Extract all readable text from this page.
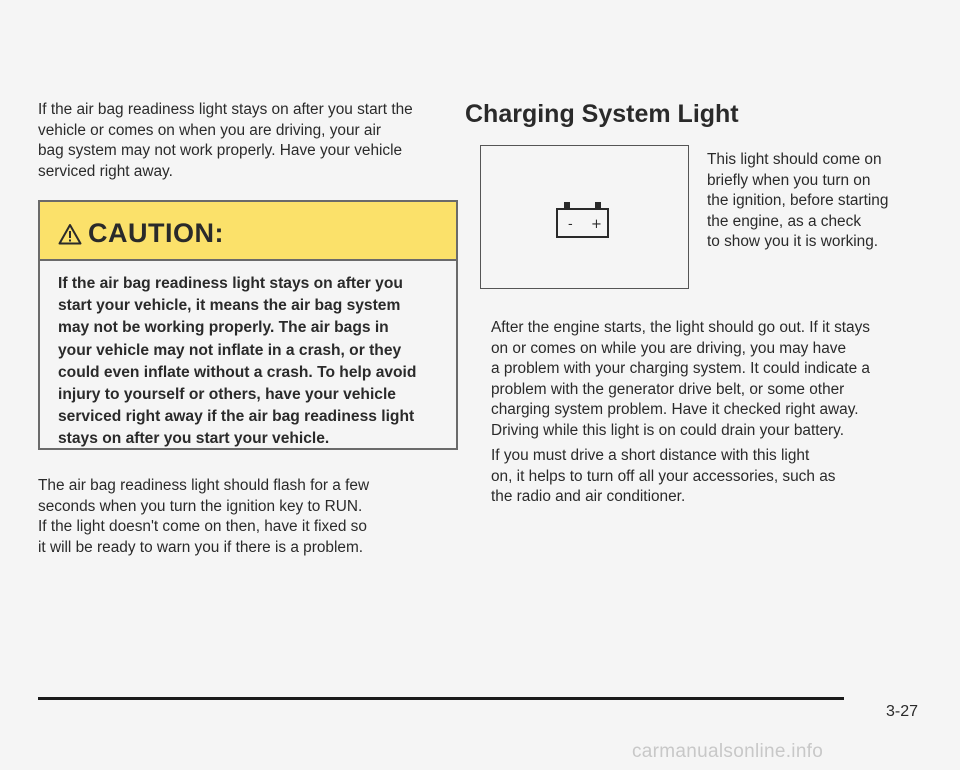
If the air bag readiness light stays on after you start the
vehicle or comes on when you are driving, your air
bag system may not work properly. Have your vehicle
serviced right away.

CAUTION:
If the air bag readiness light stays on after you
start your vehicle, it means the air bag system
may not be working properly. The air bags in
your vehicle may not inflate in a crash, or they
could even inflate without a crash. To help avoid
injury to yourself or others, have your vehicle
serviced right away if the air bag readiness light
stays on after you start your vehicle.

The air bag readiness light should flash for a few
seconds when you turn the ignition key to RUN.
If the light doesn't come on then, have it fixed so
it will be ready to warn you if there is a problem.

Charging System Light
- +

This light should come on
briefly when you turn on
the ignition, before starting
the engine, as a check
to show you it is working.

After the engine starts, the light should go out. If it stays
on or comes on while you are driving, you may have
a problem with your charging system. It could indicate a
problem with the generator drive belt, or some other
charging system problem. Have it checked right away.
Driving while this light is on could drain your battery.

If you must drive a short distance with this light
on, it helps to turn off all your accessories, such as
the radio and air conditioner.

3-27
carmanualsonline.info
